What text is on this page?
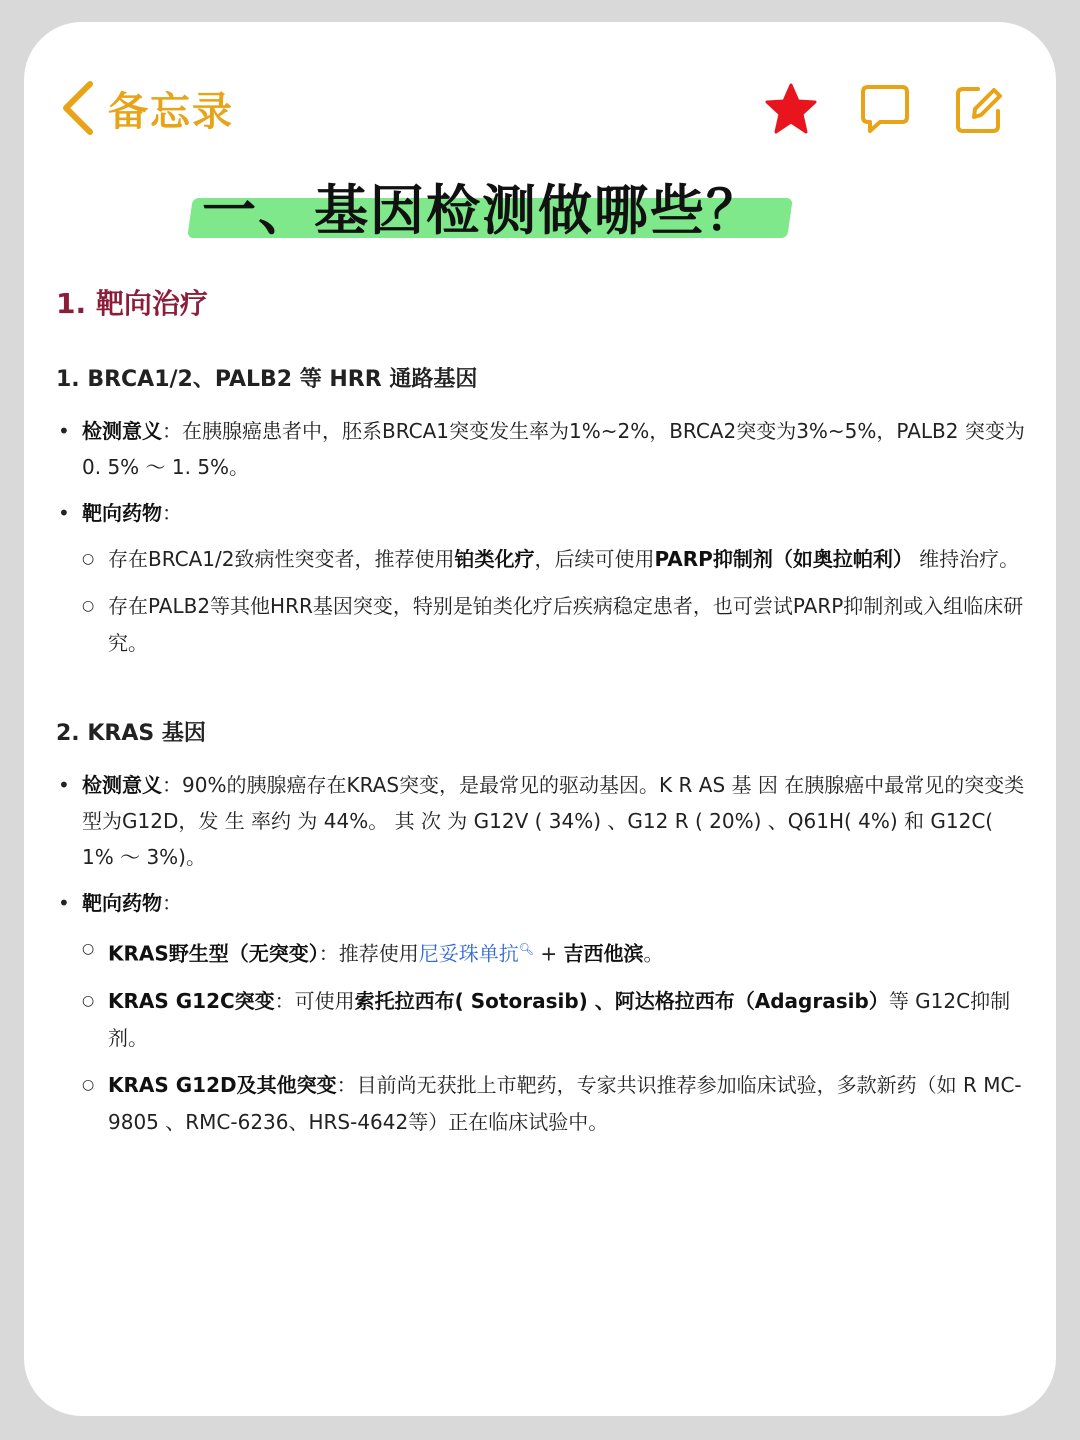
备忘录
一、基因检测做哪些？
1. 靶向治疗
1. BRCA1/2、PALB2 等 HRR 通路基因
• 检测意义：在胰腺癌患者中，胚系BRCA1突变发生率为1%~2%，BRCA2突变为3%~5%，PALB2 突变为 0. 5% ～ 1. 5%。
• 靶向药物：
○ 存在BRCA1/2致病性突变者，推荐使用铂类化疗，后续可使用PARP抑制剂（如奥拉帕利） 维持治疗。
○ 存在PALB2等其他HRR基因突变，特别是铂类化疗后疾病稳定患者，也可尝试PARP抑制剂或入组临床研究。
2. KRAS 基因
• 检测意义：90%的胰腺癌存在KRAS突变，是最常见的驱动基因。K R AS 基 因 在胰腺癌中最常见的突变类型为G12D，发 生 率约 为 44%。 其 次 为 G12V ( 34%) 、G12 R ( 20%) 、Q61H( 4%) 和 G12C( 1% ～ 3%)。
• 靶向药物：
○ KRAS野生型（无突变）：推荐使用尼妥珠单抗🔍︎ + 吉西他滨。
○ KRAS G12C突变：可使用索托拉西布( Sotorasib) 、阿达格拉西布（Adagrasib）等 G12C抑制剂。
○ KRAS G12D及其他突变：目前尚无获批上市靶药，专家共识推荐参加临床试验，多款新药（如 R MC-9805 、RMC-6236、HRS-4642等）正在临床试验中。
